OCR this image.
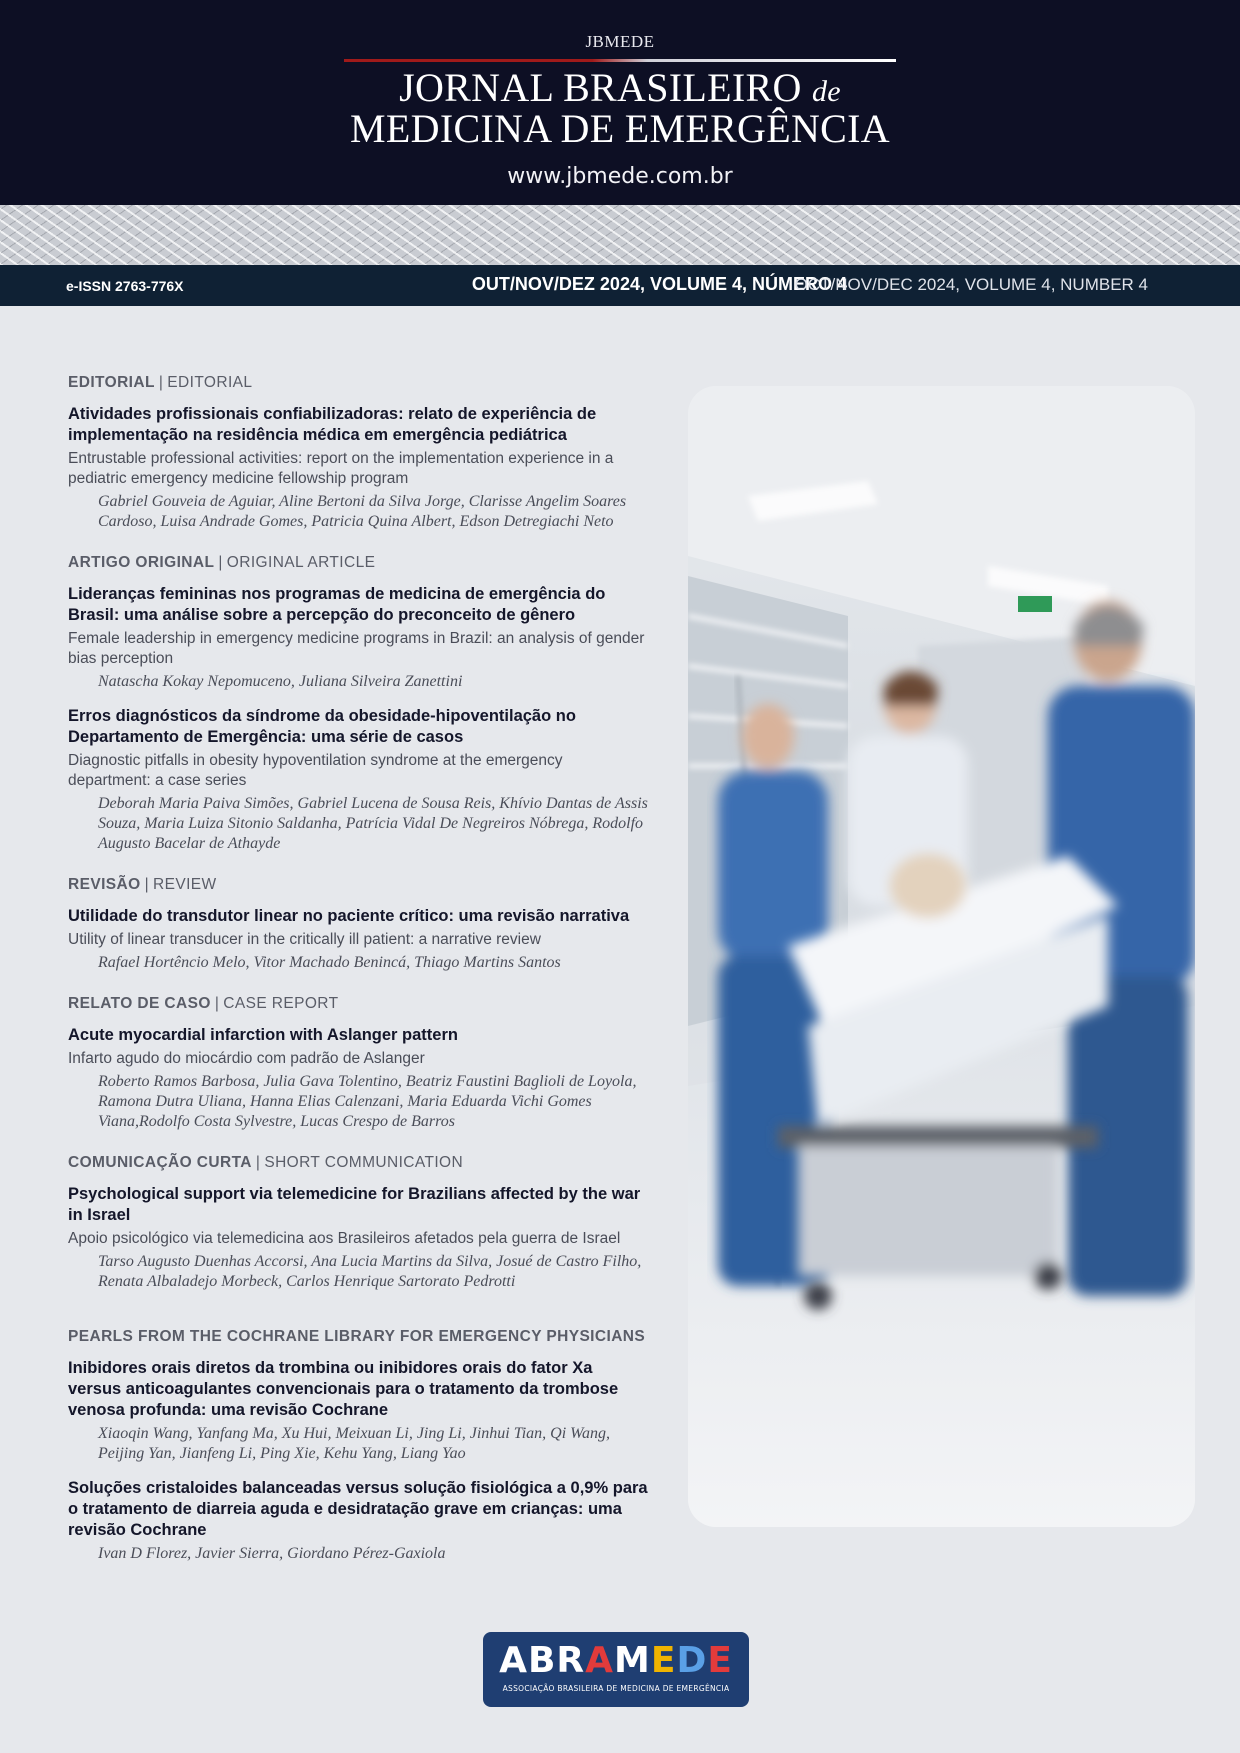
JBMEDE
JORNAL BRASILEIRO de
MEDICINA DE EMERGÊNCIA
www.jbmede.com.br
e-ISSN 2763-776X	OUT/NOV/DEZ 2024, VOLUME 4, NÚMERO 4
OCT/NOV/DEC 2024, VOLUME 4, NUMBER 4
EDITORIAL | EDITORIAL
Atividades profissionais confiabilizadoras: relato de experiência de implementação na residência médica em emergência pediátrica
Entrustable professional activities: report on the implementation experience in a pediatric emergency medicine fellowship program
Gabriel Gouveia de Aguiar, Aline Bertoni da Silva Jorge, Clarisse Angelim Soares Cardoso, Luisa Andrade Gomes, Patricia Quina Albert, Edson Detregiachi Neto
ARTIGO ORIGINAL | ORIGINAL ARTICLE
Lideranças femininas nos programas de medicina de emergência do Brasil: uma análise sobre a percepção do preconceito de gênero
Female leadership in emergency medicine programs in Brazil: an analysis of gender bias perception
Natascha Kokay Nepomuceno, Juliana Silveira Zanettini
Erros diagnósticos da síndrome da obesidade-hipoventilação no Departamento de Emergência: uma série de casos
Diagnostic pitfalls in obesity hypoventilation syndrome at the emergency department: a case series
Deborah Maria Paiva Simões, Gabriel Lucena de Sousa Reis, Khívio Dantas de Assis Souza, Maria Luiza Sitonio Saldanha, Patrícia Vidal De Negreiros Nóbrega, Rodolfo Augusto Bacelar de Athayde
REVISÃO | REVIEW
Utilidade do transdutor linear no paciente crítico: uma revisão narrativa
Utility of linear transducer in the critically ill patient: a narrative review
Rafael Hortêncio Melo, Vitor Machado Benincá, Thiago Martins Santos
RELATO DE CASO | CASE REPORT
Acute myocardial infarction with Aslanger pattern
Infarto agudo do miocárdio com padrão de Aslanger
Roberto Ramos Barbosa, Julia Gava Tolentino, Beatriz Faustini Baglioli de Loyola, Ramona Dutra Uliana, Hanna Elias Calenzani, Maria Eduarda Vichi Gomes Viana,Rodolfo Costa Sylvestre, Lucas Crespo de Barros
COMUNICAÇÃO CURTA | SHORT COMMUNICATION
Psychological support via telemedicine for Brazilians affected by the war in Israel
Apoio psicológico via telemedicina aos Brasileiros afetados pela guerra de Israel
Tarso Augusto Duenhas Accorsi, Ana Lucia Martins da Silva, Josué de Castro Filho, Renata Albaladejo Morbeck, Carlos Henrique Sartorato Pedrotti
PEARLS FROM THE COCHRANE LIBRARY FOR EMERGENCY PHYSICIANS
Inibidores orais diretos da trombina ou inibidores orais do fator Xa versus anticoagulantes convencionais para o tratamento da trombose venosa profunda: uma revisão Cochrane
Xiaoqin Wang, Yanfang Ma, Xu Hui, Meixuan Li, Jing Li, Jinhui Tian, Qi Wang, Peijing Yan, Jianfeng Li, Ping Xie, Kehu Yang, Liang Yao
Soluções cristaloides balanceadas versus solução fisiológica a 0,9% para o tratamento de diarreia aguda e desidratação grave em crianças: uma revisão Cochrane
Ivan D Florez, Javier Sierra, Giordano Pérez-Gaxiola
ABRAMEDE
ASSOCIAÇÃO BRASILEIRA DE MEDICINA DE EMERGÊNCIA
